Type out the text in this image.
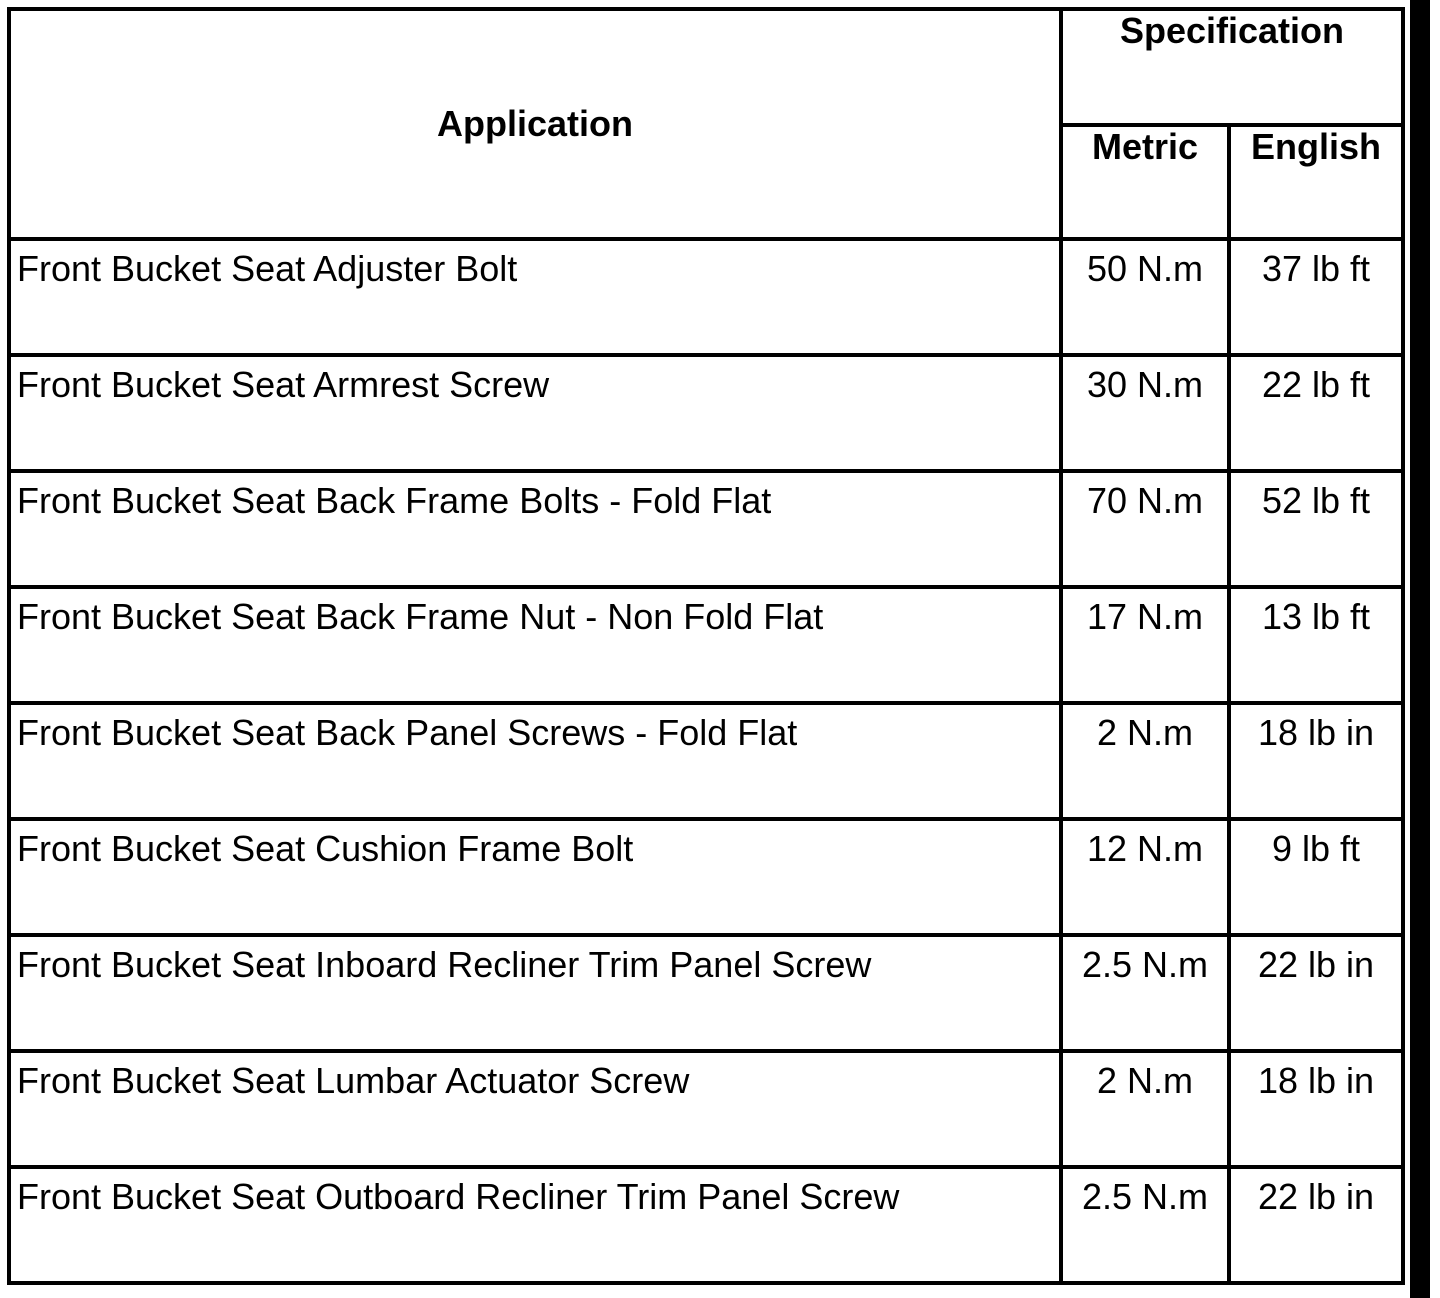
Application	Specification	
	Metric	English
Front Bucket Seat Adjuster Bolt	50 N.m	37 lb ft
Front Bucket Seat Armrest Screw	30 N.m	22 lb ft
Front Bucket Seat Back Frame Bolts - Fold Flat	70 N.m	52 lb ft
Front Bucket Seat Back Frame Nut - Non Fold Flat	17 N.m	13 lb ft
Front Bucket Seat Back Panel Screws - Fold Flat	2 N.m	18 lb in
Front Bucket Seat Cushion Frame Bolt	12 N.m	9 lb ft
Front Bucket Seat Inboard Recliner Trim Panel Screw	2.5 N.m	22 lb in
Front Bucket Seat Lumbar Actuator Screw	2 N.m	18 lb in
Front Bucket Seat Outboard Recliner Trim Panel Screw	2.5 N.m	22 lb in
